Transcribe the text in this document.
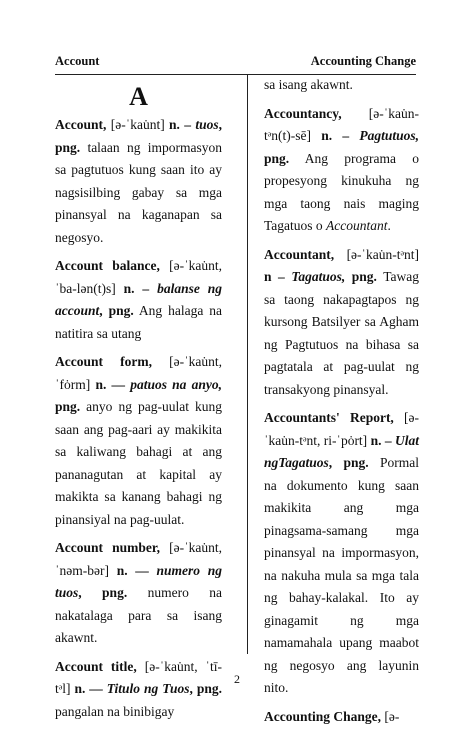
Account	Accounting Change
A
Account, [ə-ˈkau̇nt] n. – tuos, png. talaan ng impormasyon sa pagtutuos kung saan ito ay nagsisilbing gabay sa mga pinansyal na kaganapan sa negosyo.
Account balance, [ə-ˈkau̇nt, ˈba-lən(t)s] n. – balanse ng account, png. Ang halaga na natitira sa utang
Account form, [ə-ˈkau̇nt, ˈfȯrm] n. — patuos na anyo, png. anyo ng pag-uulat kung saan ang pag-aari ay makikita sa kaliwang bahagi at ang pananagutan at kapital ay makikta sa kanang bahagi ng pinansiyal na pag-uulat.
Account number, [ə-ˈkau̇nt, ˈnəm-bər] n. — numero ng tuos, png. numero na nakatalaga para sa isang akawnt.
Account title, [ə-ˈkau̇nt, ˈtī-tᵊl] n. — Titulo ng Tuos, png. pangalan na binibigay
sa isang akawnt.
Accountancy, [ə-ˈkau̇n-tᵊn(t)-sē] n. – Pagtutuos, png. Ang programa o propesyong kinukuha ng mga taong nais maging Tagatuos o Accountant.
Accountant, [ə-ˈkau̇n-tᵊnt] n – Tagatuos, png. Tawag sa taong nakapagtapos ng kursong Batsilyer sa Agham ng Pagtutuos na bihasa sa pagtatala at pag-uulat ng transakyong pinansyal.
Accountants' Report, [ə-ˈkau̇n-tᵊnt, ri-ˈpȯrt] n. – Ulat ngTagatuos, png. Pormal na dokumento kung saan makikita ang mga pinagsama-samang mga pinansyal na impormasyon, na nakuha mula sa mga tala ng bahay-kalakal. Ito ay ginagamit ng mga namamahala upang maabot ng negosyo ang layunin nito.
Accounting Change, [ə-
2
